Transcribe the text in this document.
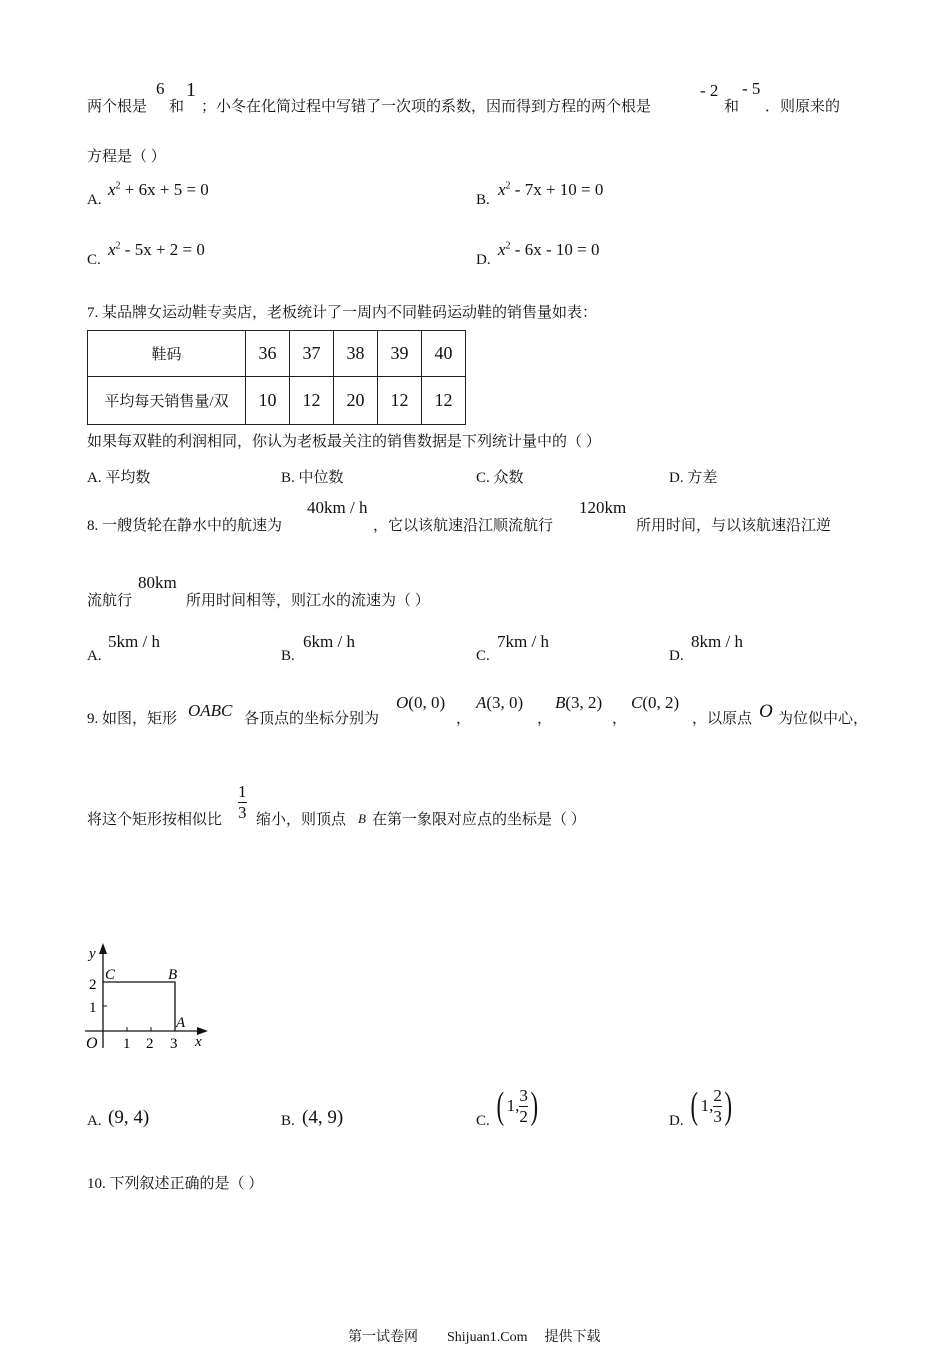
两个根是
6
和
1
；小冬在化简过程中写错了一次项的系数，因而得到方程的两个根是
- 2
和
- 5
．则原来的
方程是（ ）
A.
$x^2 + 6x + 5 = 0$
B.
$x^2 - 7x + 10 = 0$
C.
$x^2 - 5x + 2 = 0$
D.
$x^2 - 6x - 10 = 0$
7. 某品牌女运动鞋专卖店，老板统计了一周内不同鞋码运动鞋的销售量如表：
鞋码	36	37	38	39	40
平均每天销售量/双	10	12	20	12	12
如果每双鞋的利润相同，你认为老板最关注的销售数据是下列统计量中的（ ）
A. 平均数	B. 中位数	C. 众数	D. 方差
8. 一艘货轮在静水中的航速为
40km / h
，它以该航速沿江顺流航行
120km
所用时间，与以该航速沿江逆
流航行
80km
所用时间相等，则江水的流速为（ ）
A.
5km / h
B.
6km / h
C.
7km / h
D.
8km / h
9. 如图，矩形 OABC 各顶点的坐标分别为
O(0, 0)
，
A(3, 0)
，
B(3, 2)
，
C(0, 2)
，以原点 O 为位似中心，
将这个矩形按相似比
1
3 缩小，则顶点 B 在第一象限对应点的坐标是（ ）
y
x
O
C	B
A
2
1
1 2 3
A. (9, 4)	B. (4, 9)	C. ( 1, $\frac{3}{2}$ )	D. ( 1, $\frac{2}{3}$ )
10. 下列叙述正确的是（ ）
第一试卷网 Shijuan1.Com 提供下载
